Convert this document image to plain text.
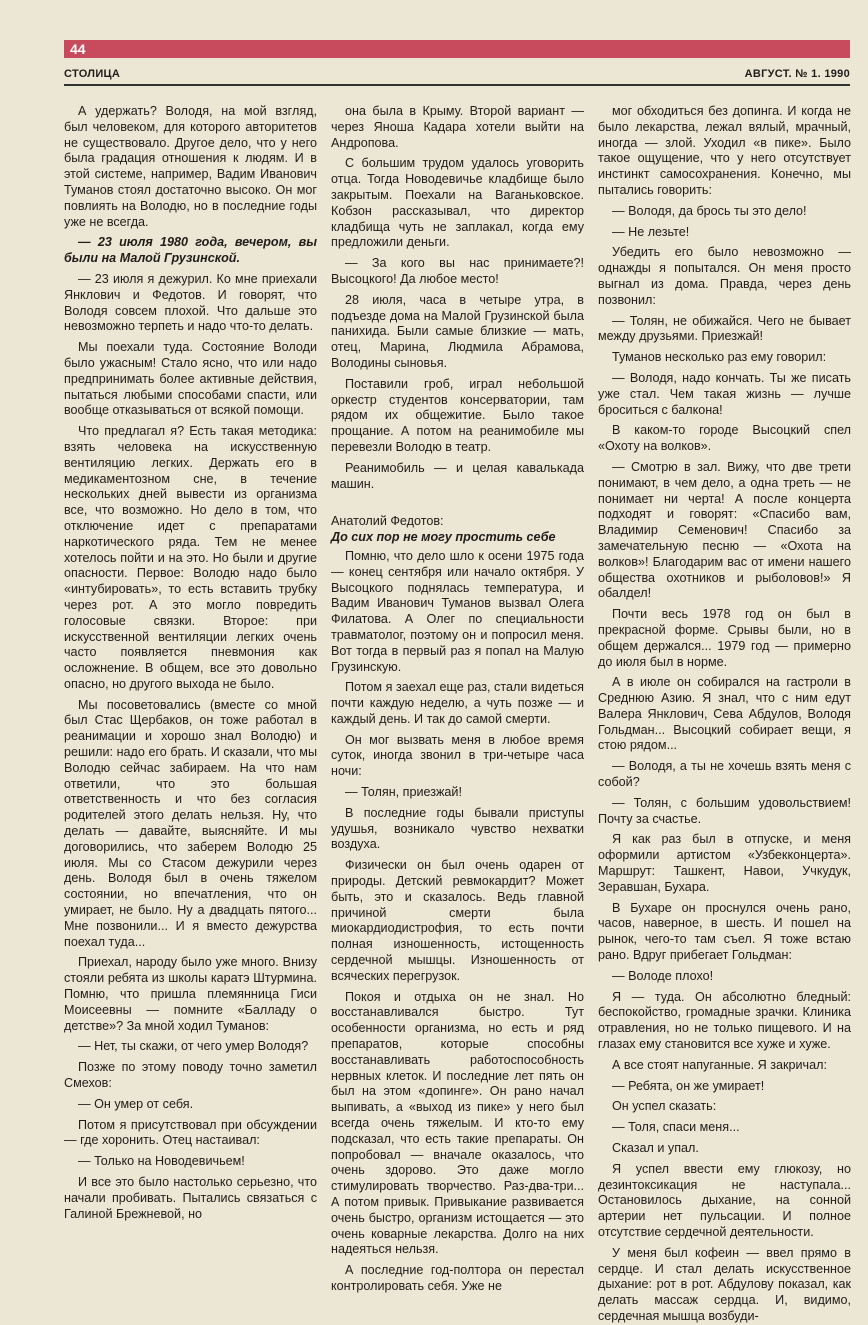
44
СТОЛИЦА	АВГУСТ. № 1. 1990

А удержать? Володя, на мой взгляд, был человеком, для которого авторитетов не существовало. Другое дело, что у него была градация отношения к людям. И в этой системе, например, Вадим Иванович Туманов стоял достаточно высоко. Он мог повлиять на Володю, но в последние годы уже не всегда.

— 23 июля 1980 года, вечером, вы были на Малой Грузинской.

— 23 июля я дежурил. Ко мне приехали Янклович и Федотов. И говорят, что Володя совсем плохой. Что дальше это невозможно терпеть и надо что-то делать.

Мы поехали туда. Состояние Володи было ужасным! Стало ясно, что или надо предпринимать более активные действия, пытаться любыми способами спасти, или вообще отказываться от всякой помощи.

Что предлагал я? Есть такая методика: взять человека на искусственную вентиляцию легких. Держать его в медикаментозном сне, в течение нескольких дней вывести из организма все, что возможно. Но дело в том, что отключение идет с препаратами наркотического ряда. Тем не менее хотелось пойти и на это. Но были и другие опасности. Первое: Володю надо было «интубировать», то есть вставить трубку через рот. А это могло повредить голосовые связки. Второе: при искусственной вентиляции легких очень часто появляется пневмония как осложнение. В общем, все это довольно опасно, но другого выхода не было.

Мы посоветовались (вместе со мной был Стас Щербаков, он тоже работал в реанимации и хорошо знал Володю) и решили: надо его брать. И сказали, что мы Володю сейчас забираем. На что нам ответили, что это большая ответственность и что без согласия родителей этого делать нельзя. Ну, что делать — давайте, выясняйте. И мы договорились, что заберем Володю 25 июля. Мы со Стасом дежурили через день. Володя был в очень тяжелом состоянии, но впечатления, что он умирает, не было. Ну а двадцать пятого... Мне позвонили... И я вместо дежурства поехал туда...

Приехал, народу было уже много. Внизу стояли ребята из школы каратэ Штурмина. Помню, что пришла племянница Гиси Моисеевны — помните «Балладу о детстве»? За мной ходил Туманов:

— Нет, ты скажи, от чего умер Володя?

Позже по этому поводу точно заметил Смехов:

— Он умер от себя.

Потом я присутствовал при обсуждении — где хоронить. Отец настаивал:

— Только на Новодевичьем!

И все это было настолько серьезно, что начали пробивать. Пытались связаться с Галиной Брежневой, но

она была в Крыму. Второй вариант — через Яноша Кадара хотели выйти на Андропова.

С большим трудом удалось уговорить отца. Тогда Новодевичье кладбище было закрытым. Поехали на Ваганьковское. Кобзон рассказывал, что директор кладбища чуть не заплакал, когда ему предложили деньги.

— За кого вы нас принимаете?! Высоцкого! Да любое место!

28 июля, часа в четыре утра, в подъезде дома на Малой Грузинской была панихида. Были самые близкие — мать, отец, Марина, Людмила Абрамова, Володины сыновья.

Поставили гроб, играл небольшой оркестр студентов консерватории, там рядом их общежитие. Было такое прощание. А потом на реанимобиле мы перевезли Володю в театр.

Реанимобиль — и целая кавалькада машин.

Анатолий Федотов:

До сих пор не могу простить себе

Помню, что дело шло к осени 1975 года — конец сентября или начало октября. У Высоцкого поднялась температура, и Вадим Иванович Туманов вызвал Олега Филатова. А Олег по специальности травматолог, поэтому он и попросил меня. Вот тогда в первый раз я попал на Малую Грузинскую.

Потом я заехал еще раз, стали видеться почти каждую неделю, а чуть позже — и каждый день. И так до самой смерти.

Он мог вызвать меня в любое время суток, иногда звонил в три-четыре часа ночи:

— Толян, приезжай!

В последние годы бывали приступы удушья, возникало чувство нехватки воздуха.

Физически он был очень одарен от природы. Детский ревмокардит? Может быть, это и сказалось. Ведь главной причиной смерти была миокардиодистрофия, то есть почти полная изношенность, истощенность сердечной мышцы. Изношенность от всяческих перегрузок.

Покоя и отдыха он не знал. Но восстанавливался быстро. Тут особенности организма, но есть и ряд препаратов, которые способны восстанавливать работоспособность нервных клеток. И последние лет пять он был на этом «допинге». Он рано начал выпивать, а «выход из пике» у него был всегда очень тяжелым. И кто-то ему подсказал, что есть такие препараты. Он попробовал — вначале оказалось, что очень здорово. Это даже могло стимулировать творчество. Раз-два-три... А потом привык. Привыкание развивается очень быстро, организм истощается — это очень коварные лекарства. Долго на них надеяться нельзя.

А последние год-полтора он перестал контролировать себя. Уже не

мог обходиться без допинга. И когда не было лекарства, лежал вялый, мрачный, иногда — злой. Уходил «в пике». Было такое ощущение, что у него отсутствует инстинкт самосохранения. Конечно, мы пытались говорить:

— Володя, да брось ты это дело!

— Не лезьте!

Убедить его было невозможно — однажды я попытался. Он меня просто выгнал из дома. Правда, через день позвонил:

— Толян, не обижайся. Чего не бывает между друзьями. Приезжай!

Туманов несколько раз ему говорил:

— Володя, надо кончать. Ты же писать уже стал. Чем такая жизнь — лучше броситься с балкона!

В каком-то городе Высоцкий спел «Охоту на волков».

— Смотрю в зал. Вижу, что две трети понимают, в чем дело, а одна треть — не понимает ни черта! А после концерта подходят и говорят: «Спасибо вам, Владимир Семенович! Спасибо за замечательную песню — «Охота на волков»! Благодарим вас от имени нашего общества охотников и рыболовов!» Я обалдел!

Почти весь 1978 год он был в прекрасной форме. Срывы были, но в общем держался... 1979 год — примерно до июля был в норме.

А в июле он собирался на гастроли в Среднюю Азию. Я знал, что с ним едут Валера Янклович, Сева Абдулов, Володя Гольдман... Высоцкий собирает вещи, я стою рядом...

— Володя, а ты не хочешь взять меня с собой?

— Толян, с большим удовольствием! Почту за счастье.

Я как раз был в отпуске, и меня оформили артистом «Узбекконцерта». Маршрут: Ташкент, Навои, Учкудук, Зеравшан, Бухара.

В Бухаре он проснулся очень рано, часов, наверное, в шесть. И пошел на рынок, чего-то там съел. Я тоже встаю рано. Вдруг прибегает Гольдман:

— Володе плохо!

Я — туда. Он абсолютно бледный: беспокойство, громадные зрачки. Клиника отравления, но не только пищевого. И на глазах ему становится все хуже и хуже.

А все стоят напуганные. Я закричал:

— Ребята, он же умирает!

Он успел сказать:

— Толя, спаси меня...

Сказал и упал.

Я успел ввести ему глюкозу, но дезинтоксикация не наступала... Остановилось дыхание, на сонной артерии нет пульсации. И полное отсутствие сердечной деятельности.

У меня был кофеин — ввел прямо в сердце. И стал делать искусственное дыхание: рот в рот. Абдулову показал, как делать массаж сердца. И, видимо, сердечная мышца возбуди-
